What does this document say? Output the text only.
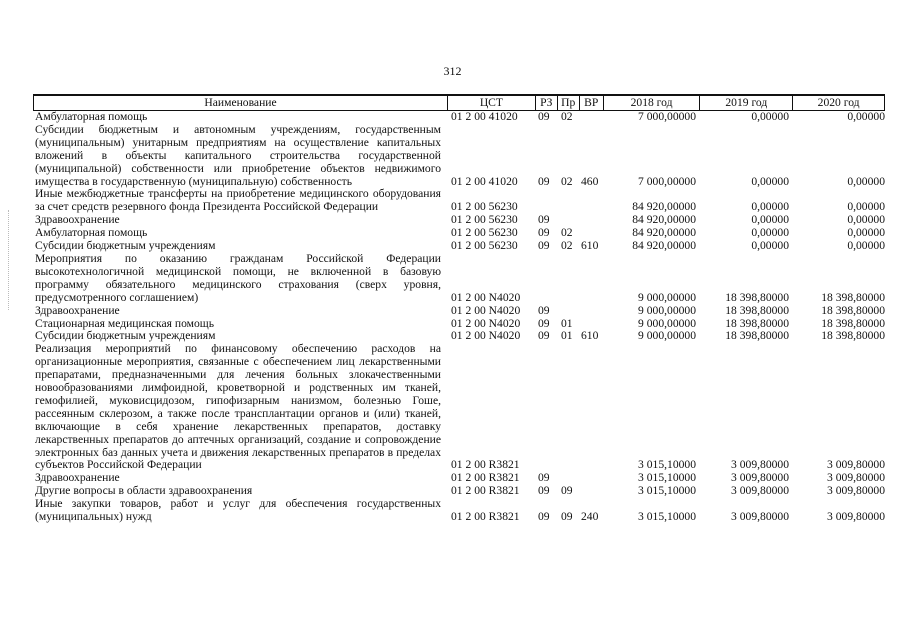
312
Наименование	ЦСТ	РЗ Пр ВР	2018 год	2019 год	2020 год
Амбулаторная помощь	01 2 00 41020	09 02	7 000,00000	0,00000	0,00000
Субсидии бюджетным и автономным учреждениям, государственным (муниципальным) унитарным предприятиям на осуществление капитальных вложений в объекты капитального строительства государственной (муниципальной) собственности или приобретение объектов недвижимого имущества в государственную (муниципальную) собственность	01 2 00 41020	09 02 460	7 000,00000	0,00000	0,00000
Иные межбюджетные трансферты на приобретение медицинского оборудования за счет средств резервного фонда Президента Российской Федерации	01 2 00 56230	84 920,00000	0,00000	0,00000
Здравоохранение	01 2 00 56230	09	84 920,00000	0,00000	0,00000
Амбулаторная помощь	01 2 00 56230	09 02	84 920,00000	0,00000	0,00000
Субсидии бюджетным учреждениям	01 2 00 56230	09 02 610	84 920,00000	0,00000	0,00000
Мероприятия по оказанию гражданам Российской Федерации высокотехнологичной медицинской помощи, не включенной в базовую программу обязательного медицинского страхования (сверх уровня, предусмотренного соглашением)	01 2 00 N4020	9 000,00000	18 398,80000	18 398,80000
Здравоохранение	01 2 00 N4020	09	9 000,00000	18 398,80000	18 398,80000
Стационарная медицинская помощь	01 2 00 N4020	09 01	9 000,00000	18 398,80000	18 398,80000
Субсидии бюджетным учреждениям	01 2 00 N4020	09 01 610	9 000,00000	18 398,80000	18 398,80000
Реализация мероприятий по финансовому обеспечению расходов на организационные мероприятия, связанные с обеспечением лиц лекарственными препаратами, предназначенными для лечения больных злокачественными новообразованиями лимфоидной, кроветворной и родственных им тканей, гемофилией, муковисцидозом, гипофизарным нанизмом, болезнью Гоше, рассеянным склерозом, а также после трансплантации органов и (или) тканей, включающие в себя хранение лекарственных препаратов, доставку лекарственных препаратов до аптечных организаций, создание и сопровождение электронных баз данных учета и движения лекарственных препаратов в пределах субъектов Российской Федерации	01 2 00 R3821	3 015,10000	3 009,80000	3 009,80000
Здравоохранение	01 2 00 R3821	09	3 015,10000	3 009,80000	3 009,80000
Другие вопросы в области здравоохранения	01 2 00 R3821	09 09	3 015,10000	3 009,80000	3 009,80000
Иные закупки товаров, работ и услуг для обеспечения государственных (муниципальных) нужд	01 2 00 R3821	09 09 240	3 015,10000	3 009,80000	3 009,80000
